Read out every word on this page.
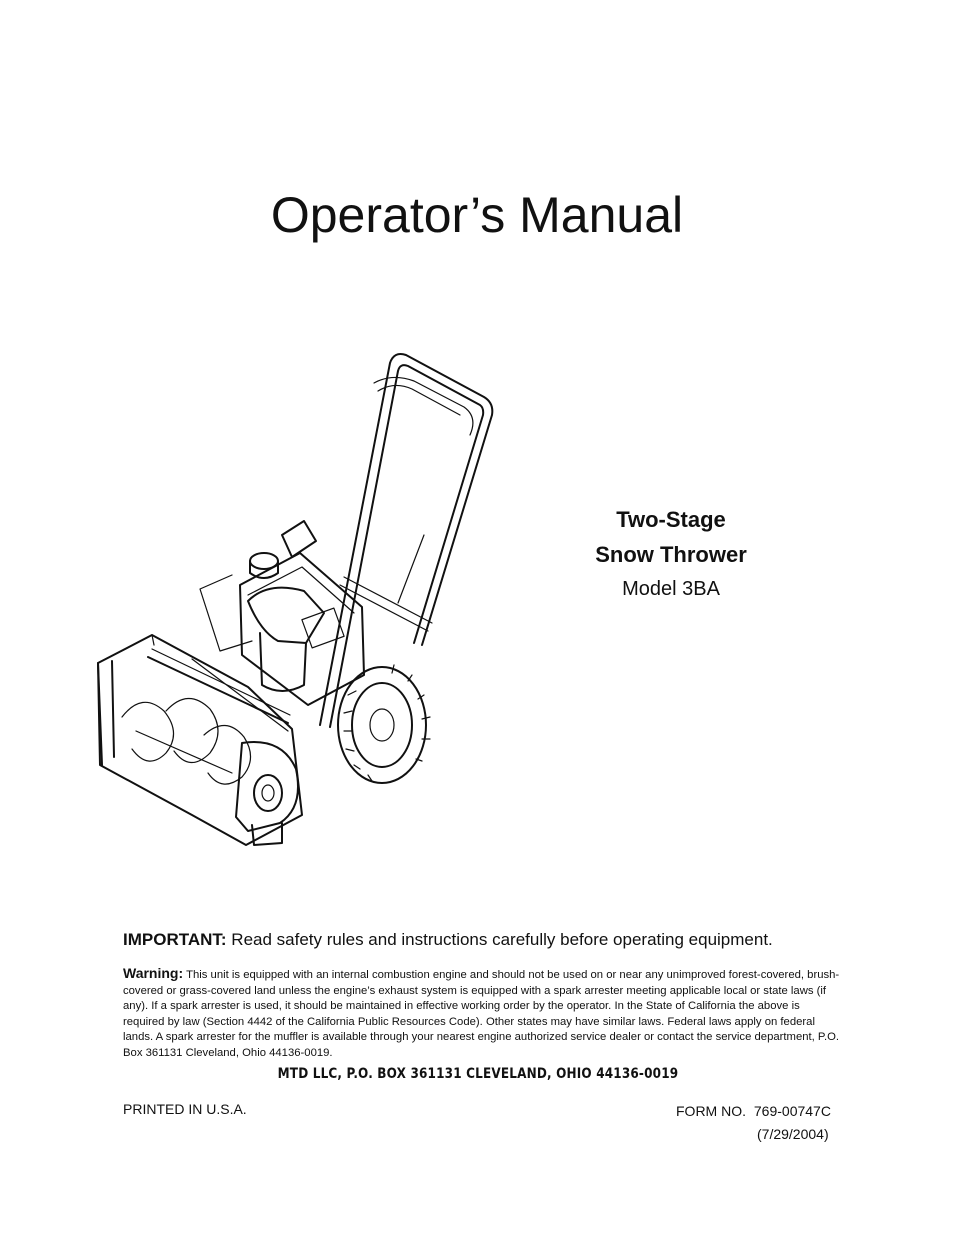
Operator’s Manual
Two-Stage
Snow Thrower
Model 3BA
IMPORTANT: Read safety rules and instructions carefully before operating equipment.
Warning: This unit is equipped with an internal combustion engine and should not be used on or near any unimproved forest-covered, brush-covered or grass-covered land unless the engine’s exhaust system is equipped with a spark arrester meeting applicable local or state laws (if any). If a spark arrester is used, it should be maintained in effective working order by the operator. In the State of California the above is required by law (Section 4442 of the California Public Resources Code). Other states may have similar laws. Federal laws apply on federal lands. A spark arrester for the muffler is available through your nearest engine authorized service dealer or contact the service department, P.O. Box 361131 Cleveland, Ohio 44136-0019.
MTD LLC, P.O. BOX 361131 CLEVELAND, OHIO 44136-0019
PRINTED IN U.S.A.	FORM NO. 769-00747C
(7/29/2004)
